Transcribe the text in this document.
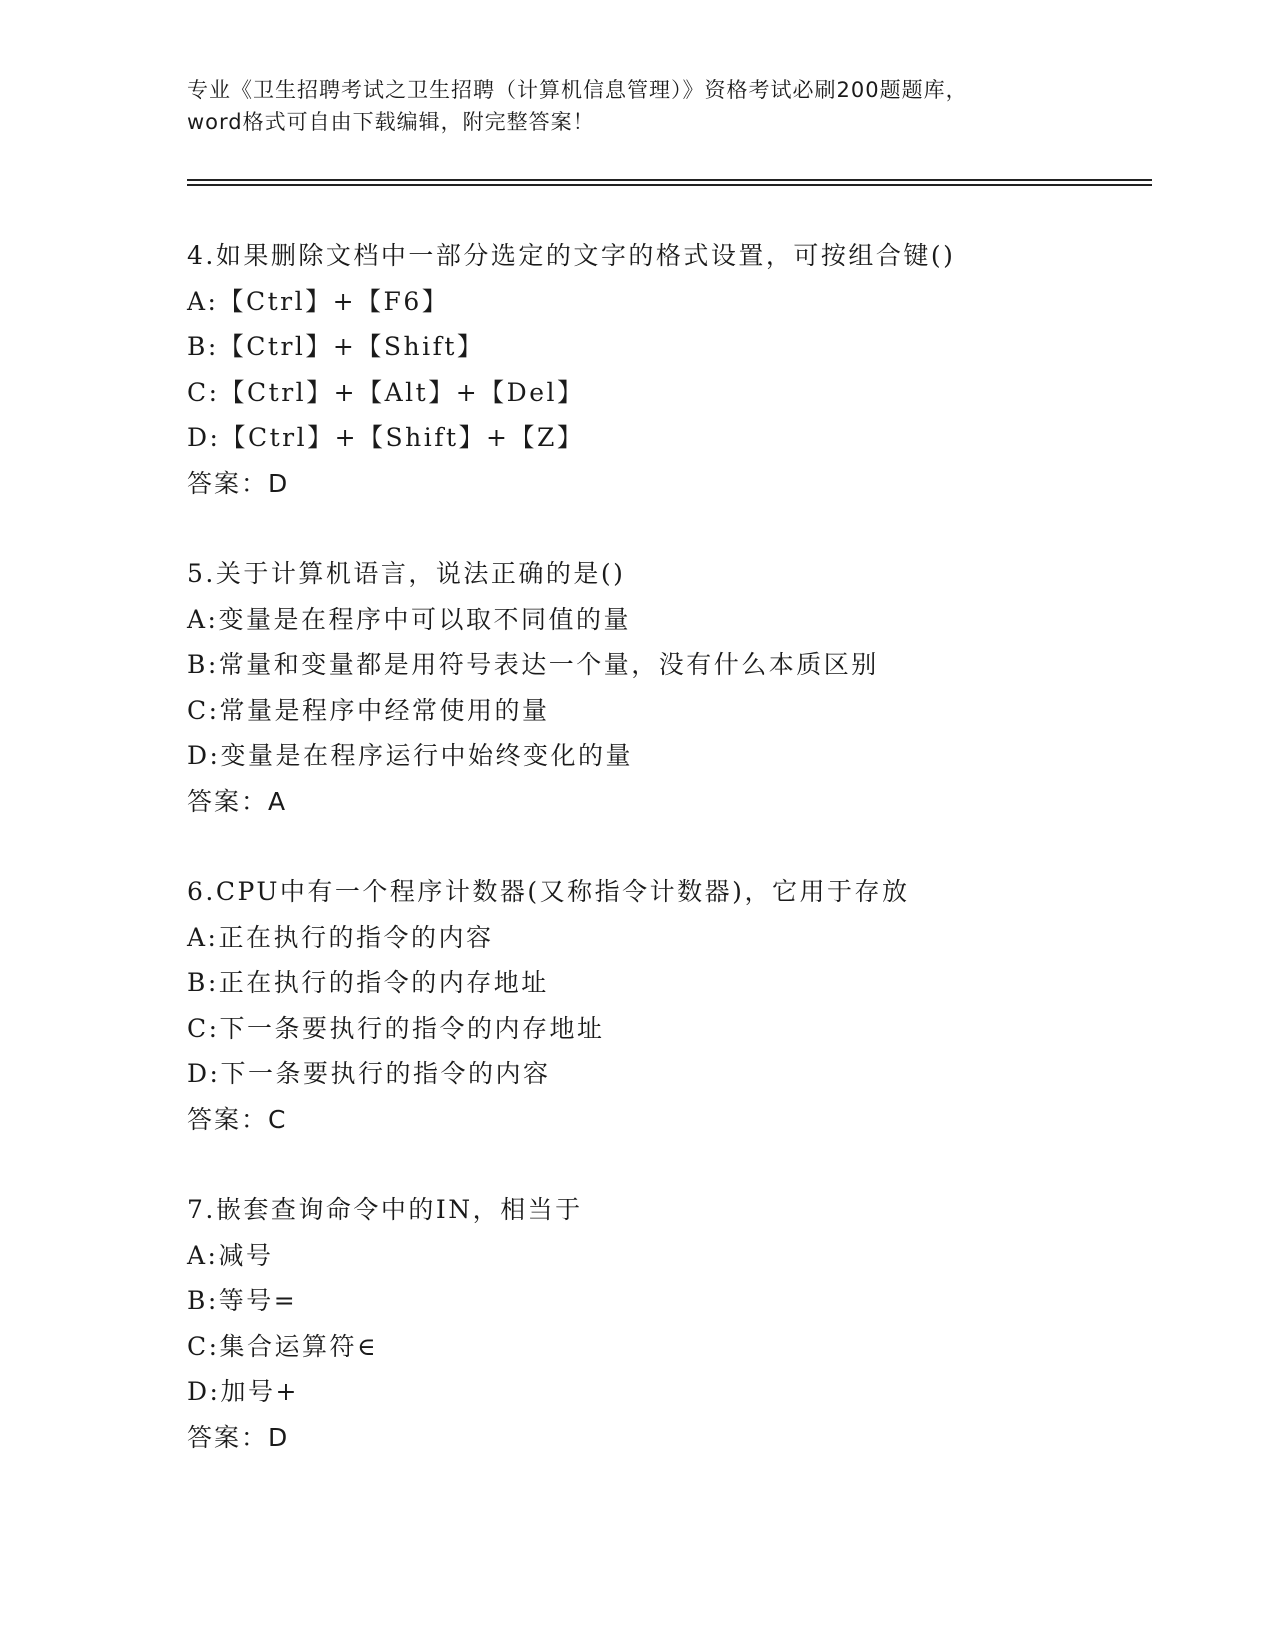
专业《卫生招聘考试之卫生招聘（计算机信息管理）》资格考试必刷200题题库，

word格式可自由下载编辑，附完整答案！

4.如果删除文档中一部分选定的文字的格式设置，可按组合键()
A:【Ctrl】+【F6】
B:【Ctrl】+【Shift】
C:【Ctrl】+【Alt】+【Del】
D:【Ctrl】+【Shift】+【Z】
答案：D
5.关于计算机语言，说法正确的是()
A:变量是在程序中可以取不同值的量
B:常量和变量都是用符号表达一个量，没有什么本质区别
C:常量是程序中经常使用的量
D:变量是在程序运行中始终变化的量
答案：A
6.CPU中有一个程序计数器(又称指令计数器)，它用于存放
A:正在执行的指令的内容
B:正在执行的指令的内存地址
C:下一条要执行的指令的内存地址
D:下一条要执行的指令的内容
答案：C
7.嵌套查询命令中的IN，相当于
A:减号
B:等号=
C:集合运算符∈
D:加号+
答案：D
